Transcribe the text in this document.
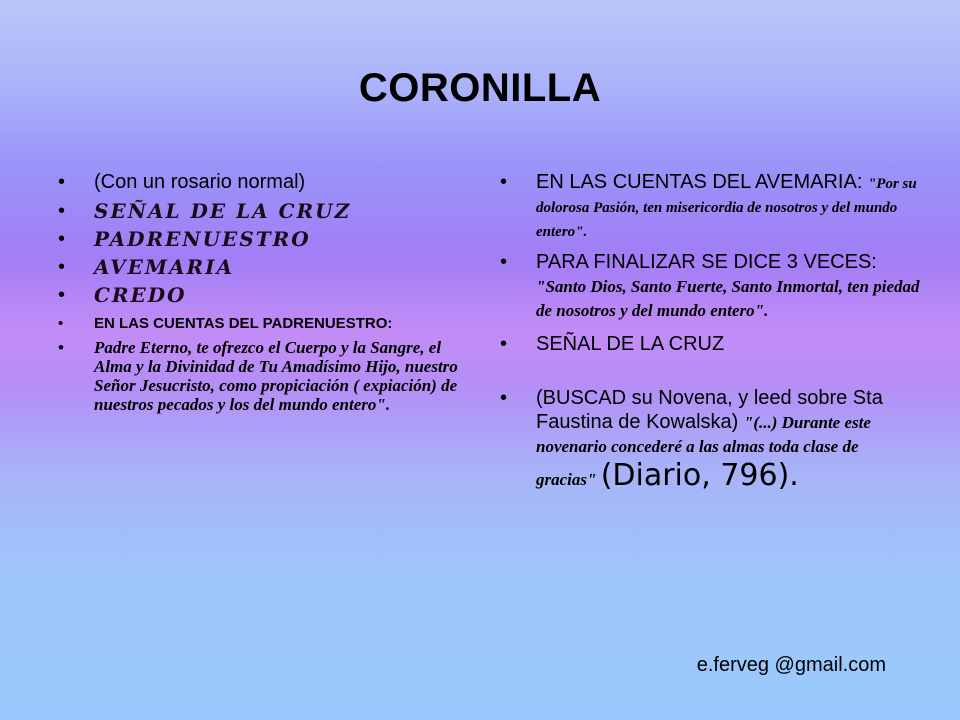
CORONILLA
• (Con un rosario normal)
• SEÑAL DE LA CRUZ
• PADRENUESTRO
• AVEMARIA
• CREDO
• EN LAS CUENTAS DEL PADRENUESTRO:
• Padre Eterno, te ofrezco el Cuerpo y la Sangre, el Alma y la Divinidad de Tu Amadísimo Hijo, nuestro Señor Jesucristo, como propiciación ( expiación) de nuestros pecados y los del mundo entero".
• EN LAS CUENTAS DEL AVEMARIA: "Por su dolorosa Pasión, ten misericordia de nosotros y del mundo entero".
• PARA FINALIZAR SE DICE 3 VECES: "Santo Dios, Santo Fuerte, Santo Inmortal, ten piedad de nosotros y del mundo entero".
• SEÑAL DE LA CRUZ
• (BUSCAD su Novena, y leed sobre Sta Faustina de Kowalska) "(...) Durante este novenario concederé a las almas toda clase de gracias" (Diario, 796).
e.ferveg @gmail.com
